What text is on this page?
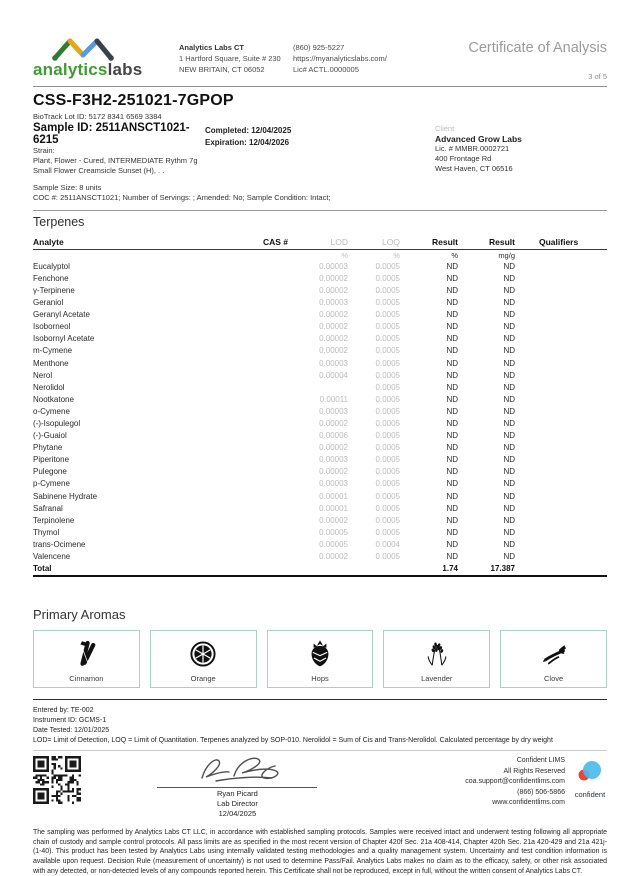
analyticslabs
Analytics Labs CT
1 Hartford Square, Suite # 230
NEW BRITAIN, CT 06052
(860) 925-5227
https://myanalyticslabs.com/
Lic# ACTL.0000005
Certificate of Analysis
3 of 5
CSS-F3H2-251021-7GPOP
BioTrack Lot ID: 5172 8341 6569 3384
Sample ID: 2511ANSCT1021-6215
Strain:
Plant, Flower - Cured, INTERMEDIATE Rythm 7g
Small Flower Creamsicle Sunset (H), . .
Sample Size: 8 units
Completed: 12/04/2025
Expiration: 12/04/2026
Client
Advanced Grow Labs
Lic. # MMBR.0002721
400 Frontage Rd
West Haven, CT 06516
COC #: 2511ANSCT1021; Number of Servings: ; Amended: No; Sample Condition: Intact;
Terpenes
Analyte	CAS #	LOD	LOQ	Result	Result	Qualifiers
		%	%	%	mg/g	
Eucalyptol		0.00003	0.0005	ND	ND	
Fenchone		0.00002	0.0005	ND	ND	
γ-Terpinene		0.00002	0.0005	ND	ND	
Geraniol		0.00003	0.0005	ND	ND	
Geranyl Acetate		0.00002	0.0005	ND	ND	
Isoborneol		0.00002	0.0005	ND	ND	
Isobornyl Acetate		0.00002	0.0005	ND	ND	
m-Cymene		0.00002	0.0005	ND	ND	
Menthone		0.00003	0.0005	ND	ND	
Nerol		0.00004	0.0005	ND	ND	
Nerolidol			0.0005	ND	ND	
Nootkatone		0.00011	0.0005	ND	ND	
o-Cymene		0.00003	0.0005	ND	ND	
(-)-Isopulegol		0.00002	0.0005	ND	ND	
(-)-Guaiol		0.00006	0.0005	ND	ND	
Phytane		0.00002	0.0005	ND	ND	
Piperitone		0.00003	0.0005	ND	ND	
Pulegone		0.00002	0.0005	ND	ND	
p-Cymene		0.00003	0.0005	ND	ND	
Sabinene Hydrate		0.00001	0.0005	ND	ND	
Safranal		0.00001	0.0005	ND	ND	
Terpinolene		0.00002	0.0005	ND	ND	
Thymol		0.00005	0.0005	ND	ND	
trans-Ocimene		0.00005	0.0004	ND	ND	
Valencene		0.00002	0.0005	ND	ND	
Total				1.74	17.387	
Primary Aromas
Cinnamon	Orange	Hops	Lavender	Clove
Entered by: TE-002
Instrument ID: GCMS-1
Date Tested: 12/01/2025
LOD= Limit of Detection, LOQ = Limit of Quantitation. Terpenes analyzed by SOP-010. Nerolidol = Sum of Cis and Trans-Nerolidol. Calculated percentage by dry weight
Ryan Picard
Lab Director
12/04/2025
Confident LIMS
All Rights Reserved
coa.support@confidentlims.com
(866) 506-5866
www.confidentlims.com
confident
The sampling was performed by Analytics Labs CT LLC, in accordance with established sampling protocols. Samples were received intact and underwent testing following all appropriate chain of custody and sample control protocols. All pass limits are as specified in the most recent version of Chapter 420f Sec. 21a 408-414, Chapter 420h Sec. 21a 420-429 and 21a 421j-(1-40). This product has been tested by Analytics Labs using internally validated testing methodologies and a quality management system. Uncertainty and test condition information is available upon request. Decision Rule (measurement of uncertainty) is not used to determine Pass/Fail. Analytics Labs makes no claim as to the efficacy, safety, or other risk associated with any detected, or non-detected levels of any compounds reported herein. This Certificate shall not be reproduced, except in full, without the written consent of Analytics Labs CT.
